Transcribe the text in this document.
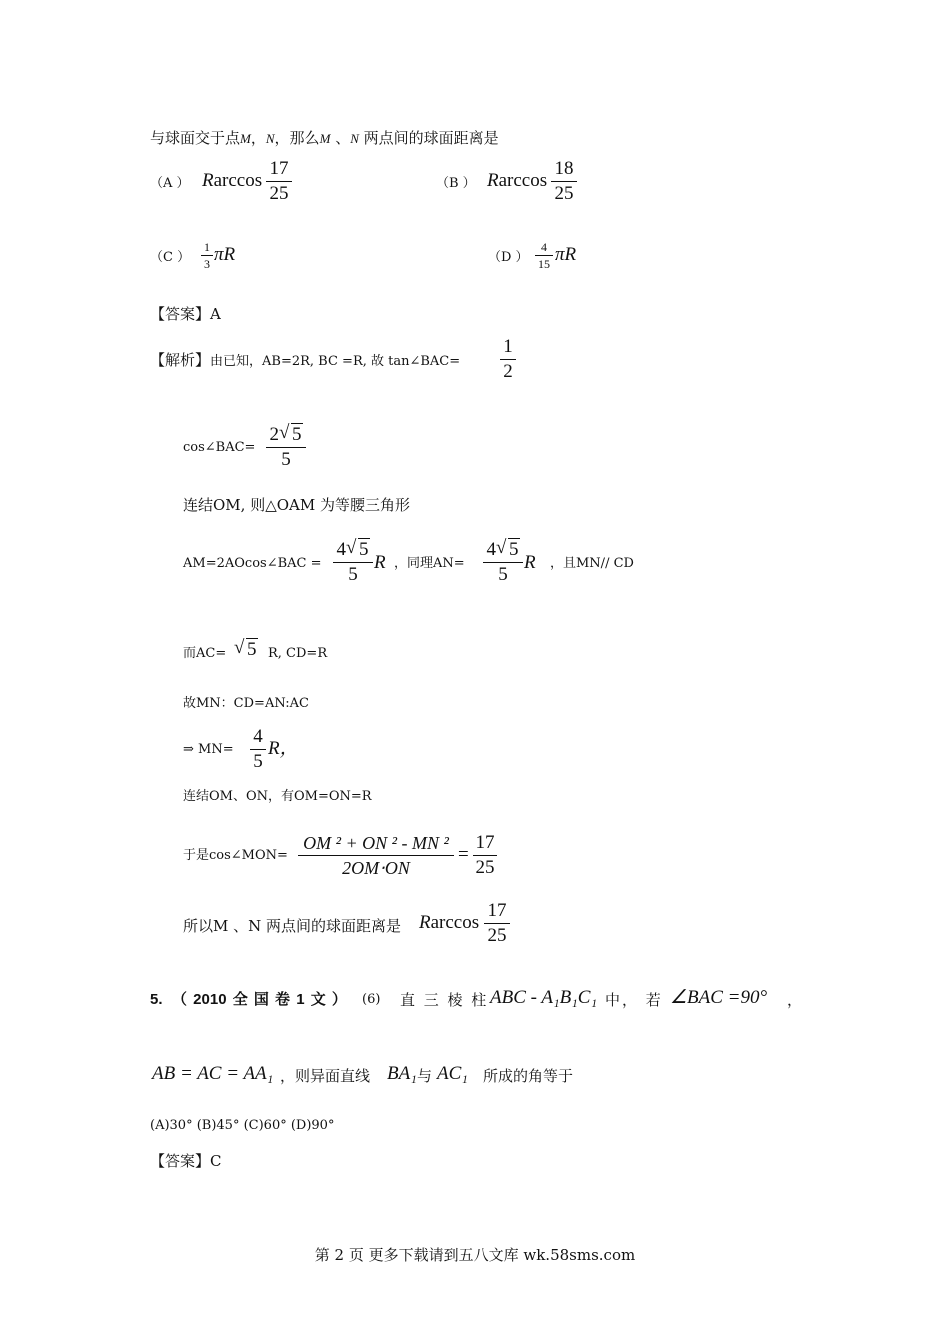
与球面交于点M，N，那么M 、N 两点间的球面距离是
（A ） Rarccos
17
25	（B ） Rarccos
18
25
（C ）
1
3 πR	（D ）
4
15 πR
【答案】A
【解析】由已知，AB=2R, BC =R, 故 tan∠BAC=
1
2
cos∠BAC=
2 √ 5
5
连结OM, 则△OAM 为等腰三角形
AM=2AOcos∠BAC =
4 √ 5
5
R ，同理AN=
4 √ 5
5
R ，且MN// CD
而AC= √ 5 R, CD=R
故MN：CD=AN:AC
⇒ MN=
4
5
R，
连结OM、ON，有OM=ON=R
于是cos∠MON=
OM ² + ON ² - MN ²
2OM⋅ON
=
17
25
所以M 、N 两点间的球面距离是 Rarccos
17
25
5. （ 2010 全 国 卷 1 文 ） (6) 直 三 棱 柱 ABC - A₁B₁C₁ 中， 若 ∠BAC =90° ，
AB = AC = AA₁ ，则异面直线 BA₁ 与 AC₁ 所成的角等于
(A)30° (B)45° (C)60° (D)90°
【答案】C
第 2 页 更多下载请到五八文库 wk.58sms.com
